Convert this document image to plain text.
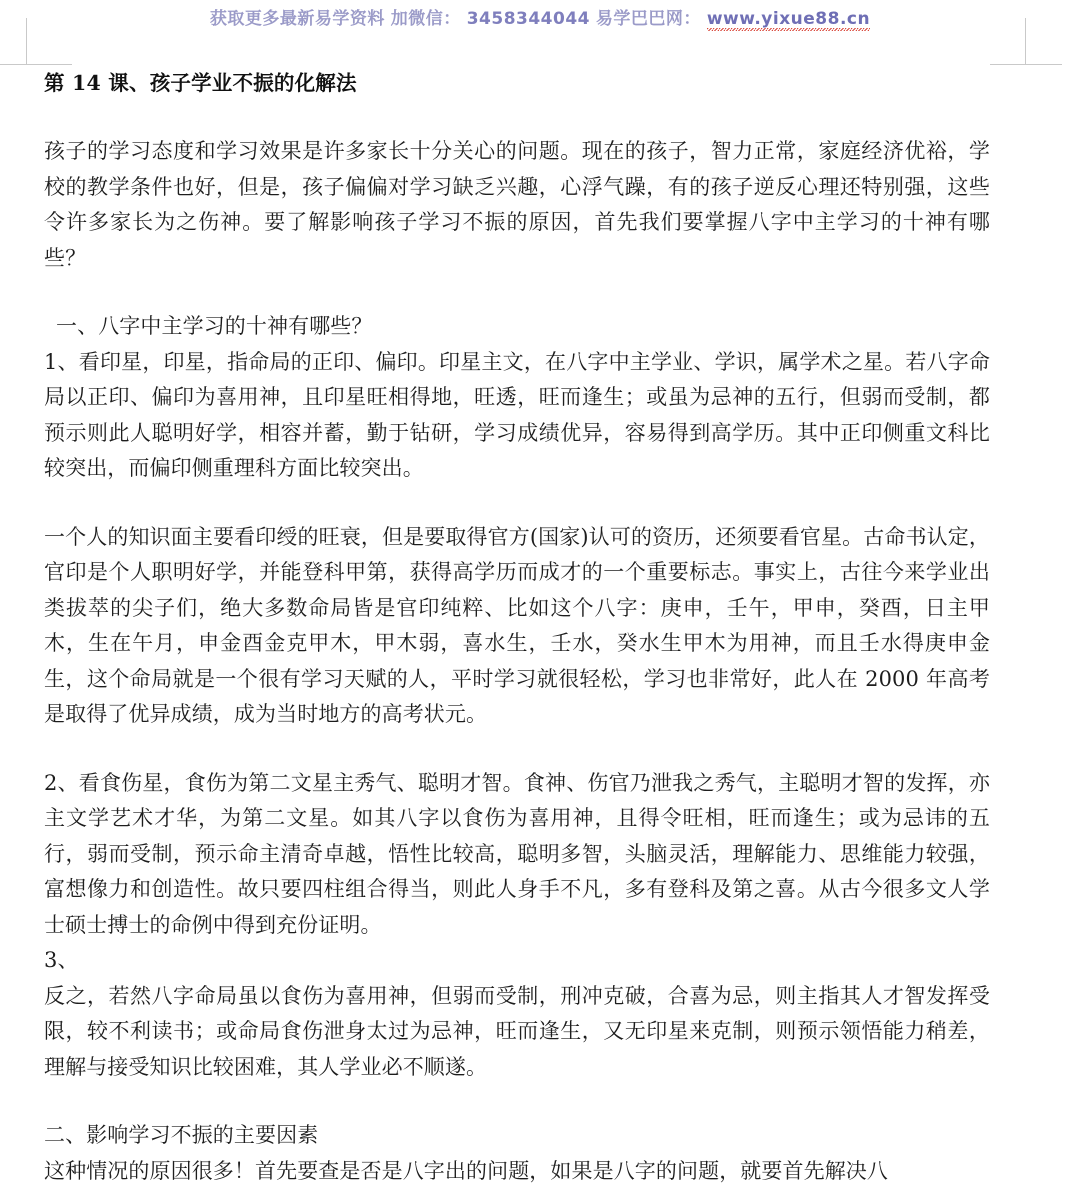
获取更多最新易学资料 加微信： 3458344044 易学巴巴网： www.yixue88.cn
第 14 课、孩子学业不振的化解法

孩子的学习态度和学习效果是许多家长十分关心的问题。现在的孩子，智力正常，家庭经济优裕，学校的教学条件也好，但是，孩子偏偏对学习缺乏兴趣，心浮气躁，有的孩子逆反心理还特别强，这些令许多家长为之伤神。要了解影响孩子学习不振的原因，首先我们要掌握八字中主学习的十神有哪些？

一、八字中主学习的十神有哪些？

1、看印星，印星，指命局的正印、偏印。印星主文，在八字中主学业、学识，属学术之星。若八字命局以正印、偏印为喜用神，且印星旺相得地，旺透，旺而逢生；或虽为忌神的五行，但弱而受制，都预示则此人聪明好学，相容并蓄，勤于钻研，学习成绩优异，容易得到高学历。其中正印侧重文科比较突出，而偏印侧重理科方面比较突出。

一个人的知识面主要看印绶的旺衰，但是要取得官方(国家)认可的资历，还须要看官星。古命书认定，官印是个人职明好学，并能登科甲第，获得高学历而成才的一个重要标志。事实上，古往今来学业出类拔萃的尖子们，绝大多数命局皆是官印纯粹、比如这个八字：庚申，壬午，甲申，癸酉，日主甲木，生在午月，申金酉金克甲木，甲木弱，喜水生，壬水，癸水生甲木为用神，而且壬水得庚申金生，这个命局就是一个很有学习天赋的人，平时学习就很轻松，学习也非常好，此人在 2000 年高考是取得了优异成绩，成为当时地方的高考状元。

2、看食伤星，食伤为第二文星主秀气、聪明才智。食神、伤官乃泄我之秀气，主聪明才智的发挥，亦主文学艺术才华，为第二文星。如其八字以食伤为喜用神，且得令旺相，旺而逢生；或为忌讳的五行，弱而受制，预示命主清奇卓越，悟性比较高，聪明多智，头脑灵活，理解能力、思维能力较强，富想像力和创造性。故只要四柱组合得当，则此人身手不凡，多有登科及第之喜。从古今很多文人学士硕士搏士的命例中得到充份证明。

3、

反之，若然八字命局虽以食伤为喜用神，但弱而受制，刑冲克破，合喜为忌，则主指其人才智发挥受限，较不利读书；或命局食伤泄身太过为忌神，旺而逢生，又无印星来克制，则预示领悟能力稍差，理解与接受知识比较困难，其人学业必不顺遂。

二、影响学习不振的主要因素

这种情况的原因很多！首先要查是否是八字出的问题，如果是八字的问题，就要首先解决八
